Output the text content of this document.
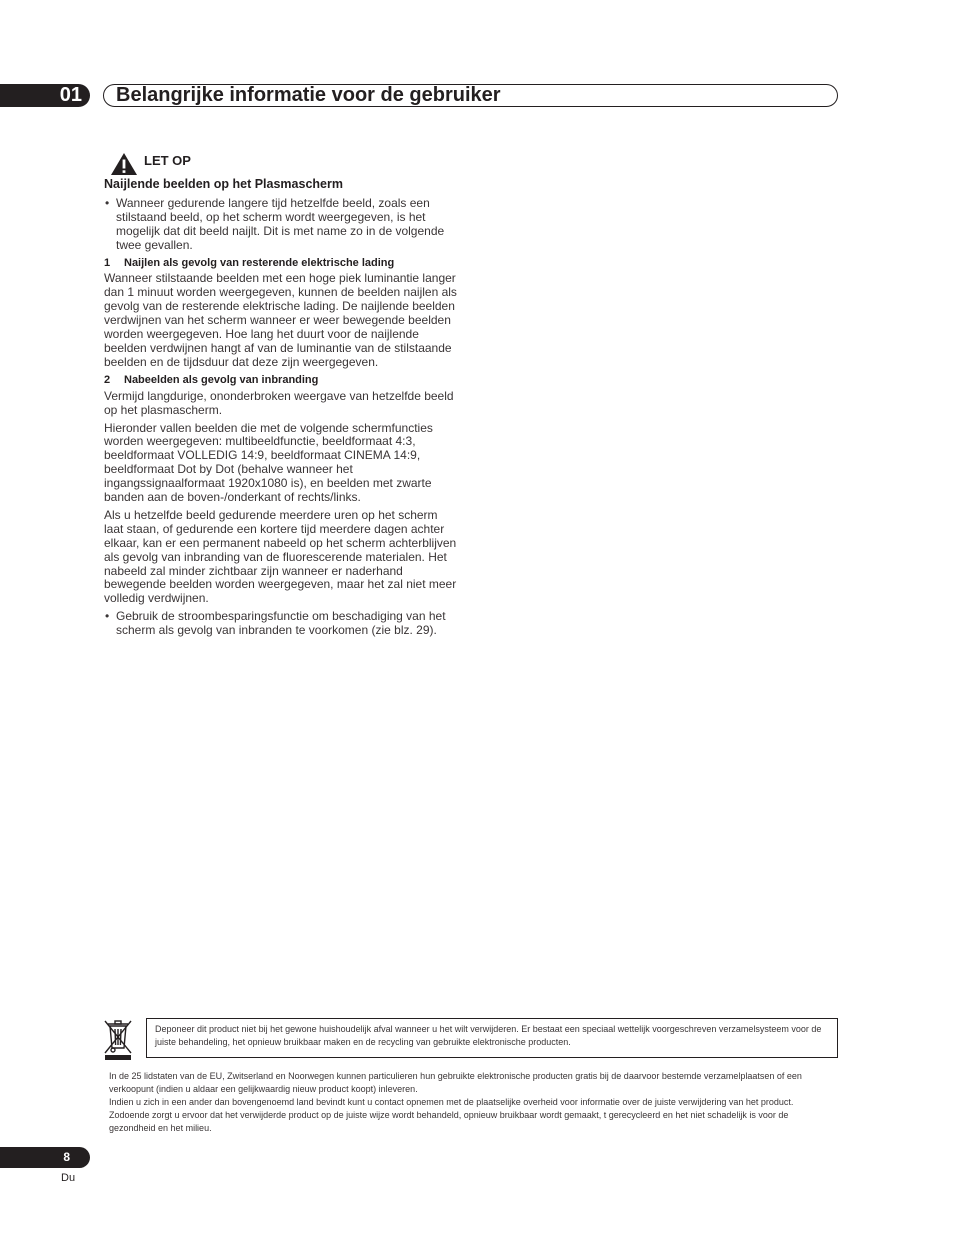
01	Belangrijke informatie voor de gebruiker
LET OP
Naijlende beelden op het Plasmascherm
• Wanneer gedurende langere tijd hetzelfde beeld, zoals een stilstaand beeld, op het scherm wordt weergegeven, is het mogelijk dat dit beeld naijlt. Dit is met name zo in de volgende twee gevallen.
1	Naijlen als gevolg van resterende elektrische lading

Wanneer stilstaande beelden met een hoge piek luminantie langer dan 1 minuut worden weergegeven, kunnen de beelden naijlen als gevolg van de resterende elektrische lading. De naijlende beelden verdwijnen van het scherm wanneer er weer bewegende beelden worden weergegeven. Hoe lang het duurt voor de naijlende beelden verdwijnen hangt af van de luminantie van de stilstaande beelden en de tijdsduur dat deze zijn weergegeven.

2	Nabeelden als gevolg van inbranding

Vermijd langdurige, ononderbroken weergave van hetzelfde beeld op het plasmascherm.

Hieronder vallen beelden die met de volgende schermfuncties worden weergegeven: multibeeldfunctie, beeldformaat 4:3, beeldformaat VOLLEDIG 14:9, beeldformaat CINEMA 14:9, beeldformaat Dot by Dot (behalve wanneer het ingangssignaalformaat 1920x1080 is), en beelden met zwarte banden aan de boven-/onderkant of rechts/links.

Als u hetzelfde beeld gedurende meerdere uren op het scherm laat staan, of gedurende een kortere tijd meerdere dagen achter elkaar, kan er een permanent nabeeld op het scherm achterblijven als gevolg van inbranding van de fluorescerende materialen. Het nabeeld zal minder zichtbaar zijn wanneer er naderhand bewegende beelden worden weergegeven, maar het zal niet meer volledig verdwijnen.

• Gebruik de stroombesparingsfunctie om beschadiging van het scherm als gevolg van inbranden te voorkomen (zie blz. 29).
Deponeer dit product niet bij het gewone huishoudelijk afval wanneer u het wilt verwijderen. Er bestaat een speciaal wettelijk voorgeschreven verzamelsysteem voor de juiste behandeling, het opnieuw bruikbaar maken en de recycling van gebruikte elektronische producten.
In de 25 lidstaten van de EU, Zwitserland en Noorwegen kunnen particulieren hun gebruikte elektronische producten gratis bij de daarvoor bestemde verzamelplaatsen of een verkoopunt (indien u aldaar een gelijkwaardig nieuw product koopt) inleveren.
Indien u zich in een ander dan bovengenoemd land bevindt kunt u contact opnemen met de plaatselijke overheid voor informatie over de juiste verwijdering van het product.
Zodoende zorgt u ervoor dat het verwijderde product op de juiste wijze wordt behandeld, opnieuw bruikbaar wordt gemaakt, t gerecycleerd en het niet schadelijk is voor de gezondheid en het milieu.
8
Du
